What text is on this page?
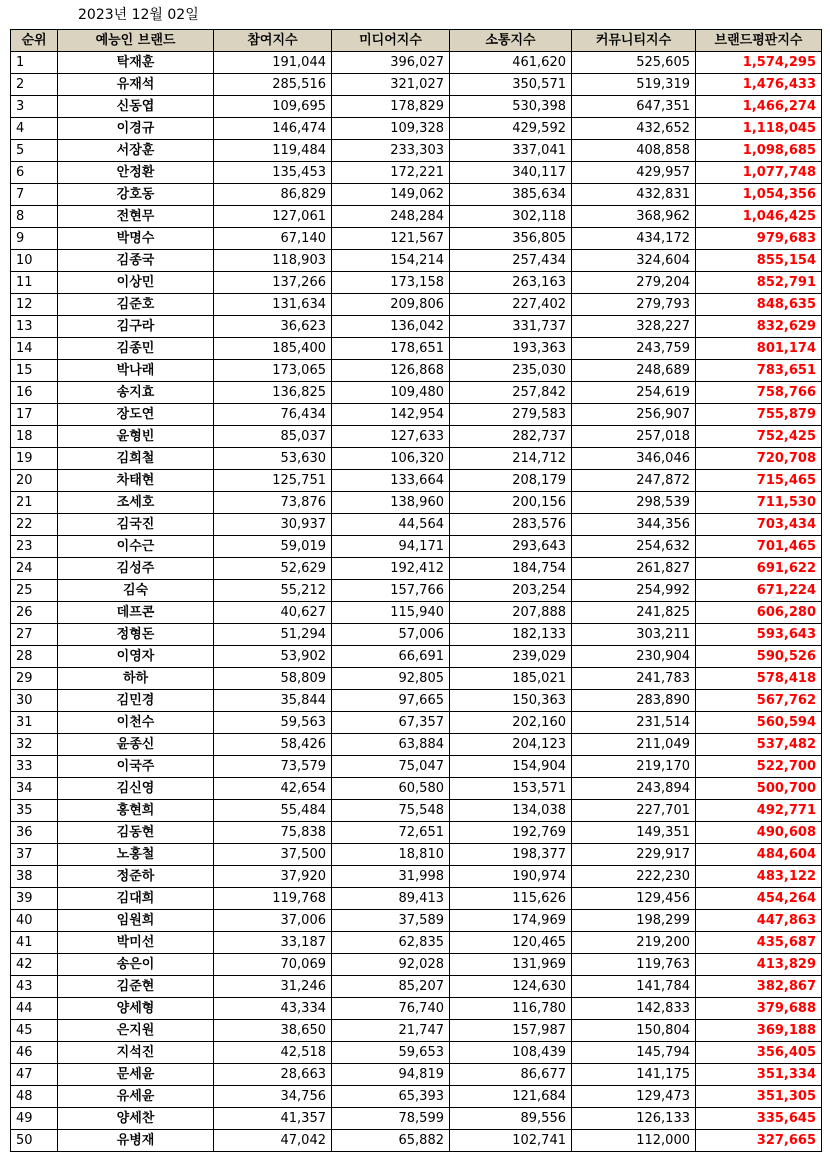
2023년 12월 02일
순위	예능인 브랜드	참여지수	미디어지수	소통지수	커뮤니티지수	브랜드평판지수
1	탁재훈	191,044	396,027	461,620	525,605	1,574,295
2	유재석	285,516	321,027	350,571	519,319	1,476,433
3	신동엽	109,695	178,829	530,398	647,351	1,466,274
4	이경규	146,474	109,328	429,592	432,652	1,118,045
5	서장훈	119,484	233,303	337,041	408,858	1,098,685
6	안정환	135,453	172,221	340,117	429,957	1,077,748
7	강호동	86,829	149,062	385,634	432,831	1,054,356
8	전현무	127,061	248,284	302,118	368,962	1,046,425
9	박명수	67,140	121,567	356,805	434,172	979,683
10	김종국	118,903	154,214	257,434	324,604	855,154
11	이상민	137,266	173,158	263,163	279,204	852,791
12	김준호	131,634	209,806	227,402	279,793	848,635
13	김구라	36,623	136,042	331,737	328,227	832,629
14	김종민	185,400	178,651	193,363	243,759	801,174
15	박나래	173,065	126,868	235,030	248,689	783,651
16	송지효	136,825	109,480	257,842	254,619	758,766
17	장도연	76,434	142,954	279,583	256,907	755,879
18	윤형빈	85,037	127,633	282,737	257,018	752,425
19	김희철	53,630	106,320	214,712	346,046	720,708
20	차태현	125,751	133,664	208,179	247,872	715,465
21	조세호	73,876	138,960	200,156	298,539	711,530
22	김국진	30,937	44,564	283,576	344,356	703,434
23	이수근	59,019	94,171	293,643	254,632	701,465
24	김성주	52,629	192,412	184,754	261,827	691,622
25	김숙	55,212	157,766	203,254	254,992	671,224
26	데프콘	40,627	115,940	207,888	241,825	606,280
27	정형돈	51,294	57,006	182,133	303,211	593,643
28	이영자	53,902	66,691	239,029	230,904	590,526
29	하하	58,809	92,805	185,021	241,783	578,418
30	김민경	35,844	97,665	150,363	283,890	567,762
31	이천수	59,563	67,357	202,160	231,514	560,594
32	윤종신	58,426	63,884	204,123	211,049	537,482
33	이국주	73,579	75,047	154,904	219,170	522,700
34	김신영	42,654	60,580	153,571	243,894	500,700
35	홍현희	55,484	75,548	134,038	227,701	492,771
36	김동현	75,838	72,651	192,769	149,351	490,608
37	노홍철	37,500	18,810	198,377	229,917	484,604
38	정준하	37,920	31,998	190,974	222,230	483,122
39	김대희	119,768	89,413	115,626	129,456	454,264
40	임원희	37,006	37,589	174,969	198,299	447,863
41	박미선	33,187	62,835	120,465	219,200	435,687
42	송은이	70,069	92,028	131,969	119,763	413,829
43	김준현	31,246	85,207	124,630	141,784	382,867
44	양세형	43,334	76,740	116,780	142,833	379,688
45	은지원	38,650	21,747	157,987	150,804	369,188
46	지석진	42,518	59,653	108,439	145,794	356,405
47	문세윤	28,663	94,819	86,677	141,175	351,334
48	유세윤	34,756	65,393	121,684	129,473	351,305
49	양세찬	41,357	78,599	89,556	126,133	335,645
50	유병재	47,042	65,882	102,741	112,000	327,665
